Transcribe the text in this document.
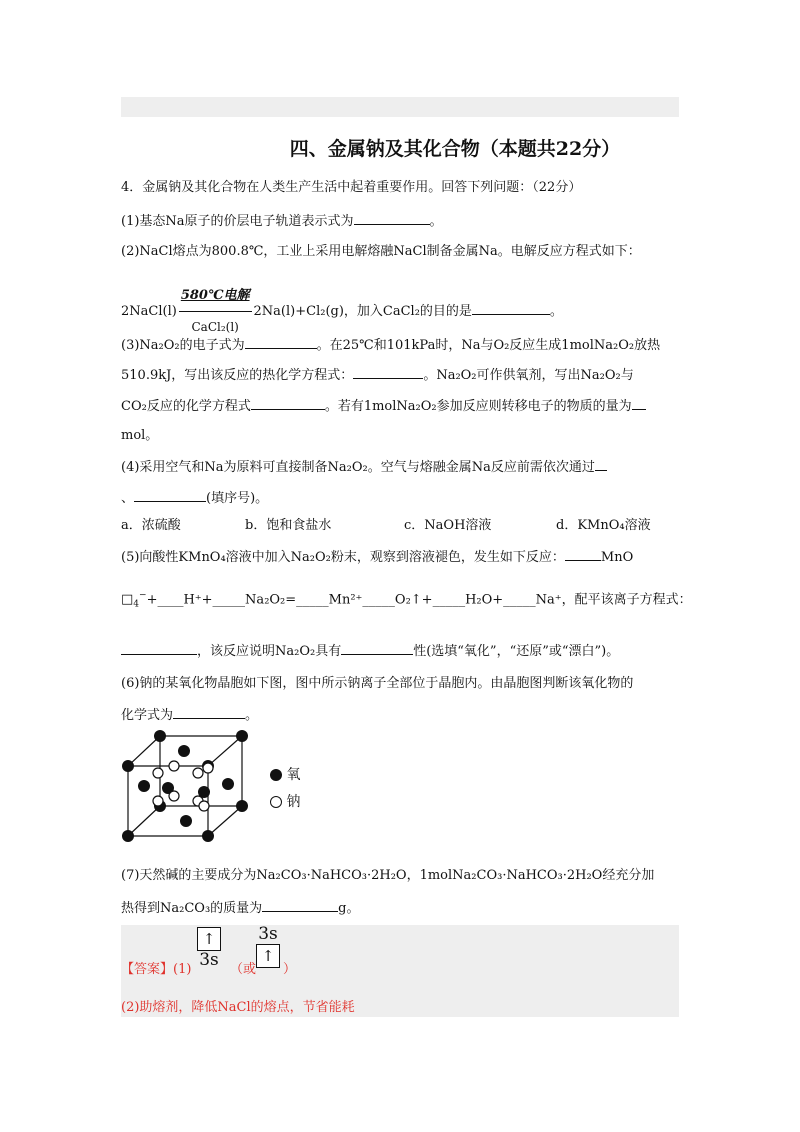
四、金属钠及其化合物（本题共22分）
4．金属钠及其化合物在人类生产生活中起着重要作用。回答下列问题：（22分）
(1)基态Na原子的价层电子轨道表示式为	。
(2)NaCl熔点为800.8℃，工业上采用电解熔融NaCl制备金属Na。电解反应方程式如下：
2NaCl(l) $\frac{\text{580℃电解}}{\text{CaCl₂(l)}} 2Na(l)+Cl_2(g)$，加入CaCl₂的目的是	。
(3)Na₂O₂的电子式为	。在25℃和101kPa时，Na与O₂反应生成1molNa₂O₂放热
510.9kJ，写出该反应的热化学方程式：	。Na₂O₂可作供氧剂，写出Na₂O₂与
CO₂反应的化学方程式	。若有1molNa₂O₂参加反应则转移电子的物质的量为
mol。
(4)采用空气和Na为原料可直接制备Na₂O₂。空气与熔融金属Na反应前需依次通过
、	(填序号)。
a．浓硫酸	b．饱和食盐水	c．NaOH溶液	d．KMnO₄溶液
(5)向酸性KMnO₄溶液中加入Na₂O₂粉末，观察到溶液褪色，发生如下反应：	MnO
$□_4^-+\_\_\_\_H^++\_\_\_\_\_Na_2O_2=\_\_\_\_\_Mn^{2+}\_\_\_\_\_O_2↑+\_\_\_\_\_H_2O+\_\_\_\_\_Na^+$，配平该离子方程式：
，该反应说明Na₂O₂具有	性(选填“氧化”，“还原”或“漂白”)。
(6)钠的某氧化物晶胞如下图，图中所示钠离子全部位于晶胞内。由晶胞图判断该氧化物的
化学式为	。
氧
钠
(7)天然碱的主要成分为Na₂CO₃·NaHCO₃·2H₂O，1molNa₂CO₃·NaHCO₃·2H₂O经充分加
热得到Na₂CO₃的质量为	g。
【答案】(1)
↑
3s （或
3s
↑
）
(2)助熔剂，降低NaCl的熔点，节省能耗
